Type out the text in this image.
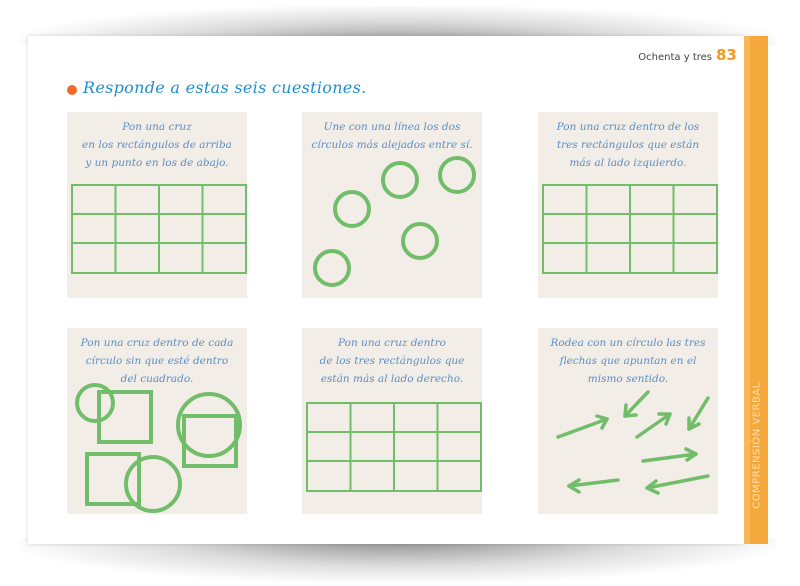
COMPRENSIÓN VERBAL
Ochenta y tres 83
Responde a estas seis cuestiones.
Pon una cruz
en los rectángulos de arriba
y un punto en los de abajo.
Une con una línea los dos
círculos más alejados entre sí.
Pon una cruz dentro de los
tres rectángulos que están
más al lado izquierdo.
Pon una cruz dentro de cada
círculo sin que esté dentro
del cuadrado.
Pon una cruz dentro
de los tres rectángulos que
están más al lado derecho.
Rodea con un círculo las tres
flechas que apuntan en el
mismo sentido.
